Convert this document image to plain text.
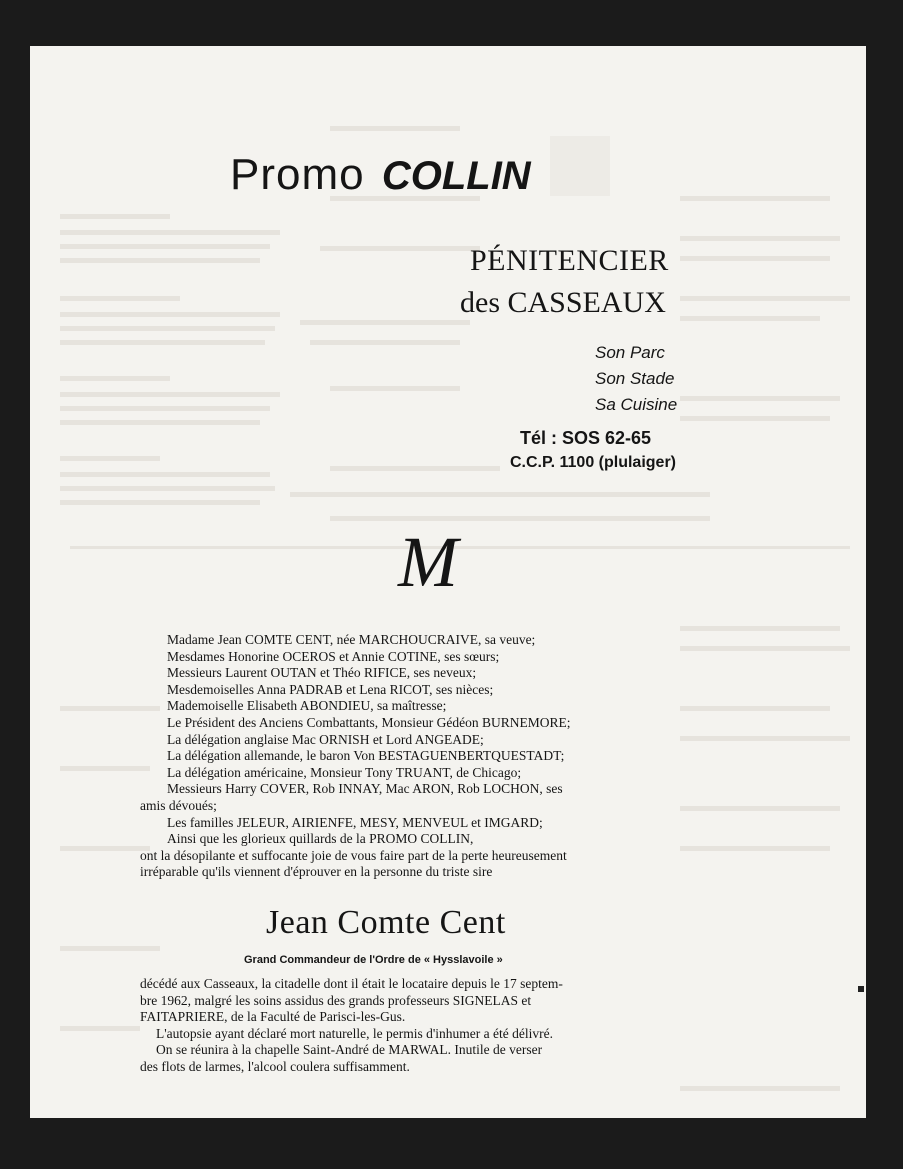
Promo COLLIN
PÉNITENCIER
des CASSEAUX
Son Parc
Son Stade
Sa Cuisine
Tél : SOS 62-65
C.C.P. 1100 (plulaiger)
M

Madame Jean COMTE CENT, née MARCHOUCRAIVE, sa veuve;

Mesdames Honorine OCEROS et Annie COTINE, ses sœurs;

Messieurs Laurent OUTAN et Théo RIFICE, ses neveux;

Mesdemoiselles Anna PADRAB et Lena RICOT, ses nièces;

Mademoiselle Elisabeth ABONDIEU, sa maîtresse;

Le Président des Anciens Combattants, Monsieur Gédéon BURNEMORE;

La délégation anglaise Mac ORNISH et Lord ANGEADE;

La délégation allemande, le baron Von BESTAGUENBERTQUESTADT;

La délégation américaine, Monsieur Tony TRUANT, de Chicago;

Messieurs Harry COVER, Rob INNAY, Mac ARON, Rob LOCHON, ses

amis dévoués;

Les familles JELEUR, AIRIENFE, MESY, MENVEUL et IMGARD;

Ainsi que les glorieux quillards de la PROMO COLLIN,

ont la désopilante et suffocante joie de vous faire part de la perte heureusement

irréparable qu'ils viennent d'éprouver en la personne du triste sire

Jean Comte Cent
Grand Commandeur de l'Ordre de « Hysslavoile »

décédé aux Casseaux, la citadelle dont il était le locataire depuis le 17 septem-

bre 1962, malgré les soins assidus des grands professeurs SIGNELAS et

FAITAPRIERE, de la Faculté de Parisci-les-Gus.

L'autopsie ayant déclaré mort naturelle, le permis d'inhumer a été délivré.

On se réunira à la chapelle Saint-André de MARWAL. Inutile de verser

des flots de larmes, l'alcool coulera suffisamment.
